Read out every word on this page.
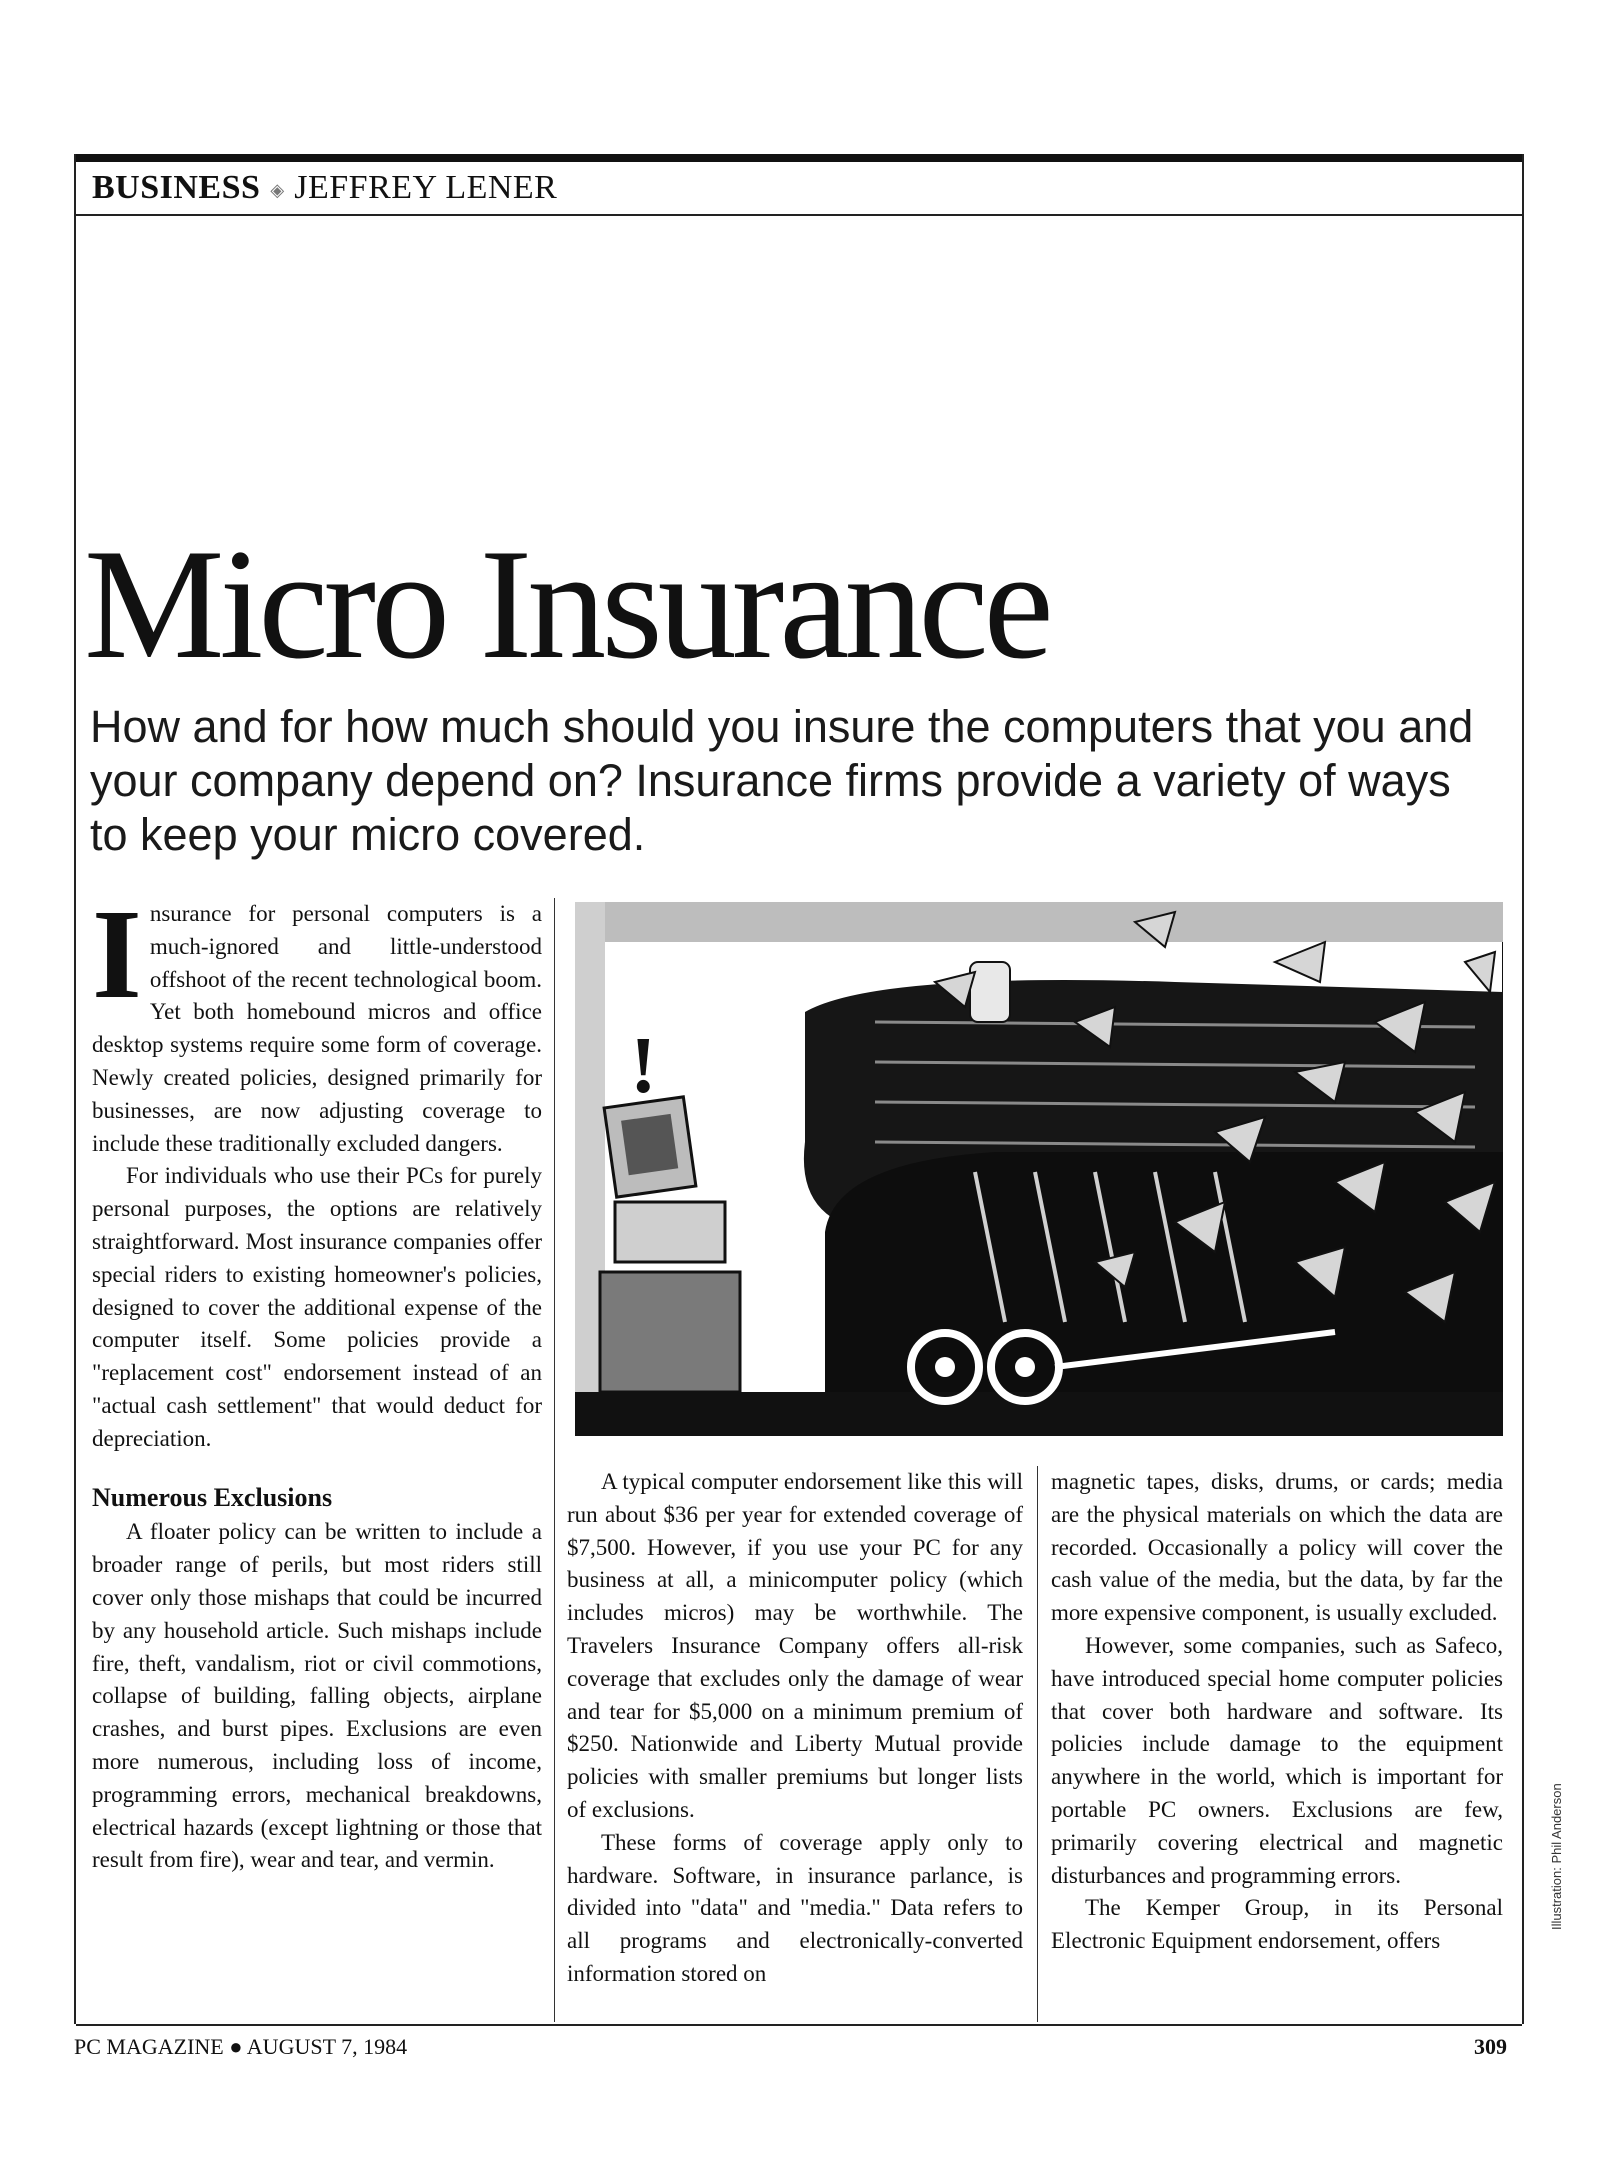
BUSINESS ◈ JEFFREY LENER
Micro Insurance
How and for how much should you insure the computers that you and your company depend on? Insurance firms provide a variety of ways to keep your micro covered.

Insurance for personal computers is a much-ignored and little-understood offshoot of the recent technological boom. Yet both homebound micros and office desktop systems require some form of coverage. Newly created policies, designed primarily for businesses, are now adjusting coverage to include these traditionally excluded dangers.

For individuals who use their PCs for purely personal purposes, the options are relatively straightforward. Most insurance companies offer special riders to existing homeowner's policies, designed to cover the additional expense of the computer itself. Some policies provide a "replacement cost" endorsement instead of an "actual cash settlement" that would deduct for depreciation.

Numerous Exclusions

A floater policy can be written to include a broader range of perils, but most riders still cover only those mishaps that could be incurred by any household article. Such mishaps include fire, theft, vandalism, riot or civil commotions, collapse of building, falling objects, airplane crashes, and burst pipes. Exclusions are even more numerous, including loss of income, programming errors, mechanical breakdowns, electrical hazards (except lightning or those that result from fire), wear and tear, and vermin.

!

A typical computer endorsement like this will run about $36 per year for extended coverage of $7,500. However, if you use your PC for any business at all, a minicomputer policy (which includes micros) may be worthwhile. The Travelers Insurance Company offers all-risk coverage that excludes only the damage of wear and tear for $5,000 on a minimum premium of $250. Nationwide and Liberty Mutual provide policies with smaller premiums but longer lists of exclusions.

These forms of coverage apply only to hardware. Software, in insurance parlance, is divided into "data" and "media." Data refers to all programs and electronically-converted information stored on

magnetic tapes, disks, drums, or cards; media are the physical materials on which the data are recorded. Occasionally a policy will cover the cash value of the media, but the data, by far the more expensive component, is usually excluded.

However, some companies, such as Safeco, have introduced special home computer policies that cover both hardware and software. Its policies include damage to the equipment anywhere in the world, which is important for portable PC owners. Exclusions are few, primarily covering electrical and magnetic disturbances and programming errors.

The Kemper Group, in its Personal Electronic Equipment endorsement, offers

Illustration: Phil Anderson
PC MAGAZINE ● AUGUST 7, 1984	309
